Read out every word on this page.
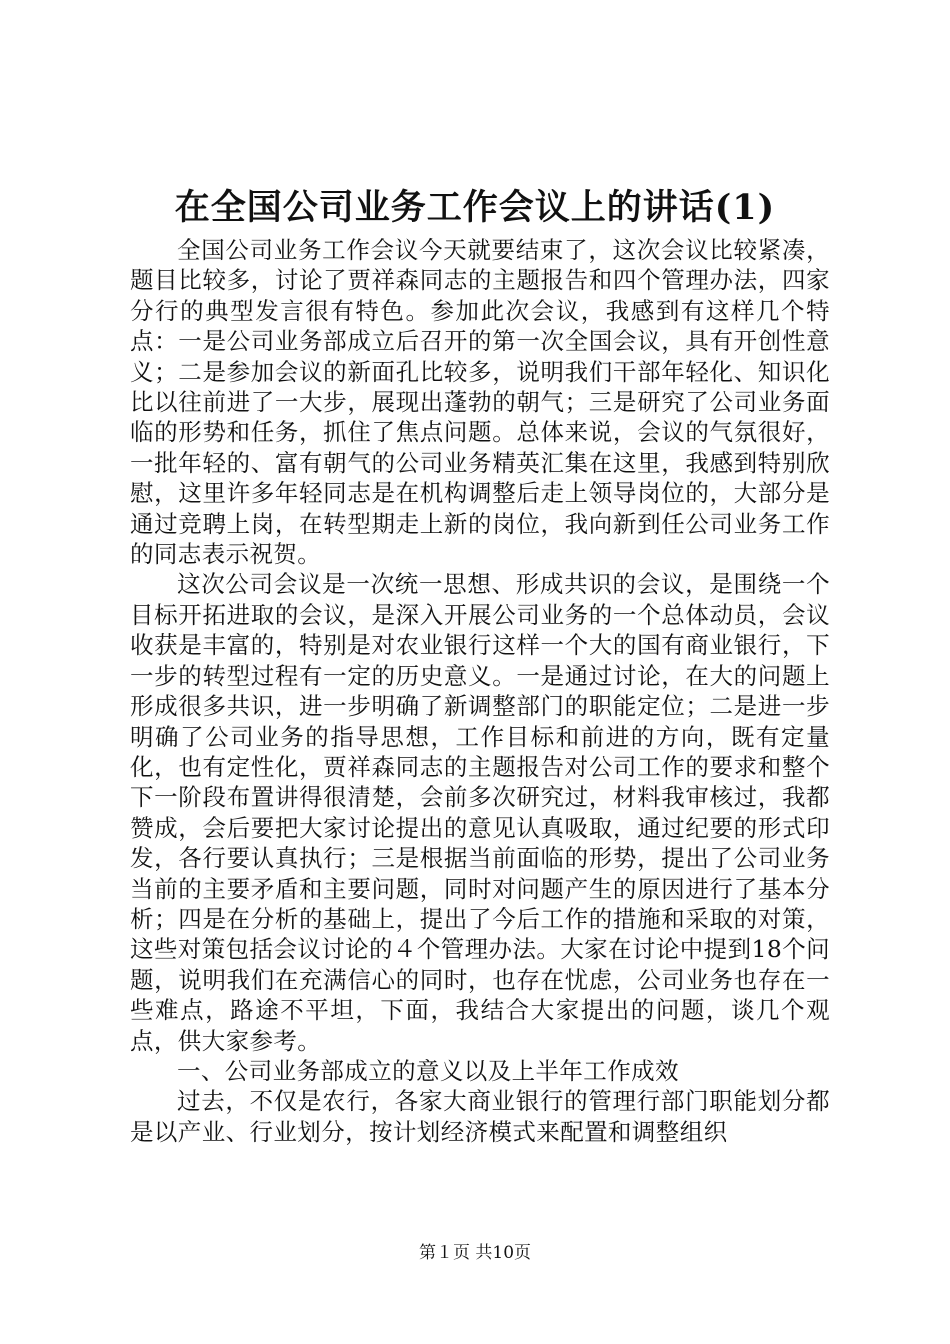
在全国公司业务工作会议上的讲话(1)

全国公司业务工作会议今天就要结束了，这次会议比较紧凑，题目比较多，讨论了贾祥森同志的主题报告和四个管理办法，四家分行的典型发言很有特色。参加此次会议，我感到有这样几个特点：一是公司业务部成立后召开的第一次全国会议，具有开创性意义；二是参加会议的新面孔比较多，说明我们干部年轻化、知识化比以往前进了一大步，展现出蓬勃的朝气；三是研究了公司业务面临的形势和任务，抓住了焦点问题。总体来说，会议的气氛很好，一批年轻的、富有朝气的公司业务精英汇集在这里，我感到特别欣慰，这里许多年轻同志是在机构调整后走上领导岗位的，大部分是通过竞聘上岗，在转型期走上新的岗位，我向新到任公司业务工作的同志表示祝贺。

这次公司会议是一次统一思想、形成共识的会议，是围绕一个目标开拓进取的会议，是深入开展公司业务的一个总体动员，会议收获是丰富的，特别是对农业银行这样一个大的国有商业银行，下一步的转型过程有一定的历史意义。一是通过讨论，在大的问题上形成很多共识，进一步明确了新调整部门的职能定位；二是进一步明确了公司业务的指导思想，工作目标和前进的方向，既有定量化，也有定性化，贾祥森同志的主题报告对公司工作的要求和整个下一阶段布置讲得很清楚，会前多次研究过，材料我审核过，我都赞成，会后要把大家讨论提出的意见认真吸取，通过纪要的形式印发，各行要认真执行；三是根据当前面临的形势，提出了公司业务当前的主要矛盾和主要问题，同时对问题产生的原因进行了基本分析；四是在分析的基础上，提出了今后工作的措施和采取的对策，这些对策包括会议讨论的４个管理办法。大家在讨论中提到18个问题，说明我们在充满信心的同时，也存在忧虑，公司业务也存在一些难点，路途不平坦，下面，我结合大家提出的问题，谈几个观点，供大家参考。

一、公司业务部成立的意义以及上半年工作成效

过去，不仅是农行，各家大商业银行的管理行部门职能划分都是以产业、行业划分，按计划经济模式来配置和调整组织

第１页 共10页
